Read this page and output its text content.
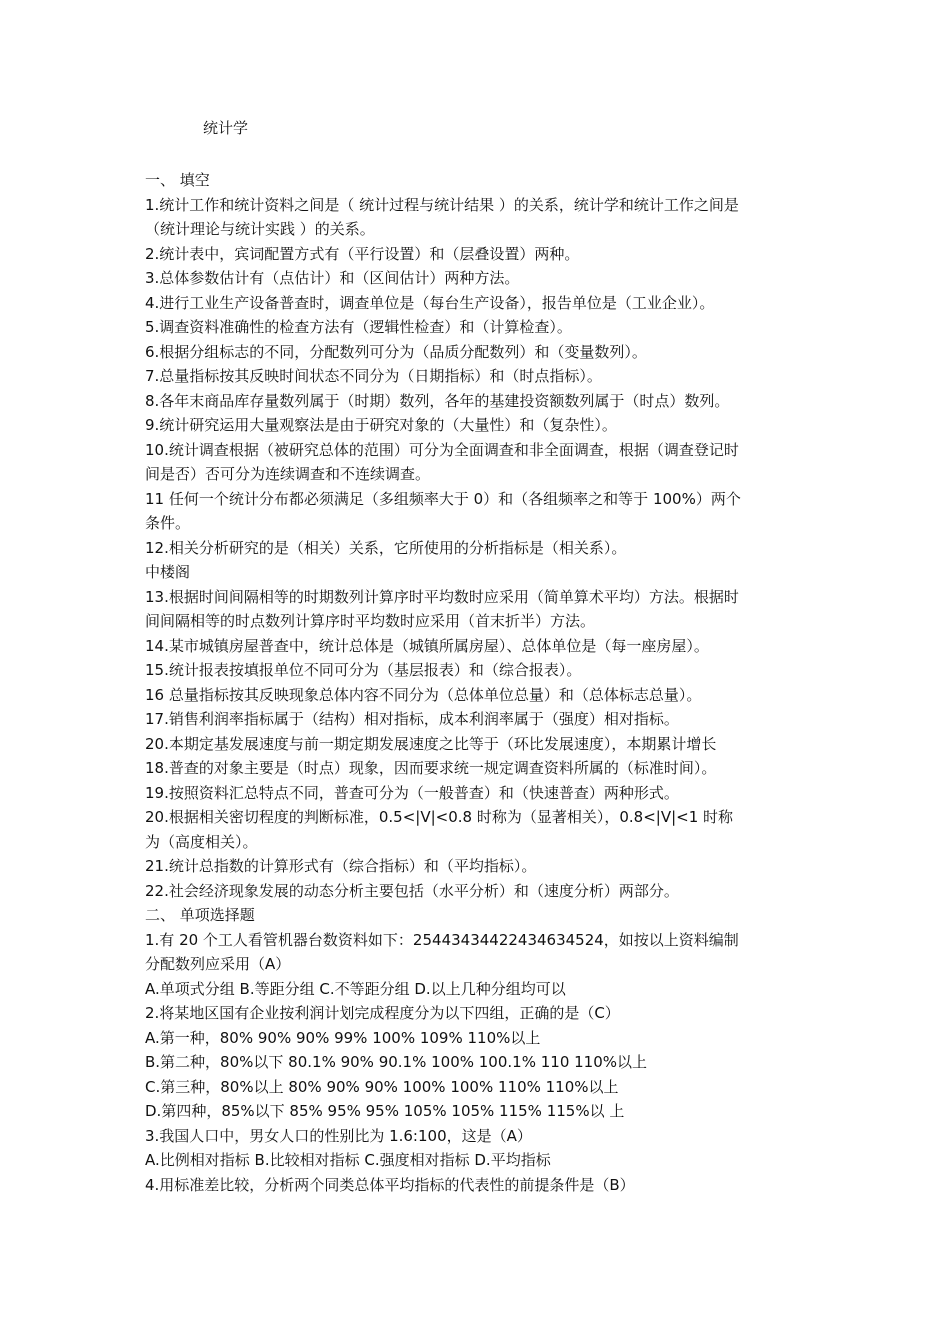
统计学
一、 填空
1.统计工作和统计资料之间是（ 统计过程与统计结果 ）的关系，统计学和统计工作之间是
（统计理论与统计实践 ）的关系。
2.统计表中，宾词配置方式有（平行设置）和（层叠设置）两种。
3.总体参数估计有（点估计）和（区间估计）两种方法。
4.进行工业生产设备普查时，调查单位是（每台生产设备），报告单位是（工业企业）。
5.调查资料准确性的检查方法有（逻辑性检查）和（计算检查）。
6.根据分组标志的不同，分配数列可分为（品质分配数列）和（变量数列）。
7.总量指标按其反映时间状态不同分为（日期指标）和（时点指标）。
8.各年末商品库存量数列属于（时期）数列，各年的基建投资额数列属于（时点）数列。
9.统计研究运用大量观察法是由于研究对象的（大量性）和（复杂性）。
10.统计调查根据（被研究总体的范围）可分为全面调查和非全面调查，根据（调查登记时
间是否）否可分为连续调查和不连续调查。
11 任何一个统计分布都必须满足（多组频率大于 0）和（各组频率之和等于 100%）两个
条件。
12.相关分析研究的是（相关）关系，它所使用的分析指标是（相关系）。
中楼阁
13.根据时间间隔相等的时期数列计算序时平均数时应采用（简单算术平均）方法。根据时
间间隔相等的时点数列计算序时平均数时应采用（首末折半）方法。
14.某市城镇房屋普查中，统计总体是（城镇所属房屋）、总体单位是（每一座房屋）。
15.统计报表按填报单位不同可分为（基层报表）和（综合报表）。
16 总量指标按其反映现象总体内容不同分为（总体单位总量）和（总体标志总量）。
17.销售利润率指标属于（结构）相对指标，成本利润率属于（强度）相对指标。
20.本期定基发展速度与前一期定期发展速度之比等于（环比发展速度），本期累计增长
18.普查的对象主要是（时点）现象，因而要求统一规定调查资料所属的（标准时间）。
19.按照资料汇总特点不同，普查可分为（一般普查）和（快速普查）两种形式。
20.根据相关密切程度的判断标准，0.5<|V|<0.8 时称为（显著相关），0.8<|V|<1 时称
为（高度相关）。
21.统计总指数的计算形式有（综合指标）和（平均指标）。
22.社会经济现象发展的动态分析主要包括（水平分析）和（速度分析）两部分。
二、 单项选择题
1.有 20 个工人看管机器台数资料如下：25443434422434634524，如按以上资料编制
分配数列应采用（A）
A.单项式分组 B.等距分组 C.不等距分组 D.以上几种分组均可以
2.将某地区国有企业按利润计划完成程度分为以下四组，正确的是（C）
A.第一种，80% 90% 90% 99% 100% 109% 110%以上
B.第二种，80%以下 80.1% 90% 90.1% 100% 100.1% 110 110%以上
C.第三种，80%以上 80% 90% 90% 100% 100% 110% 110%以上
D.第四种，85%以下 85% 95% 95% 105% 105% 115% 115%以 上
3.我国人口中，男女人口的性别比为 1.6:100，这是（A）
A.比例相对指标 B.比较相对指标 C.强度相对指标 D.平均指标
4.用标准差比较，分析两个同类总体平均指标的代表性的前提条件是（B）
